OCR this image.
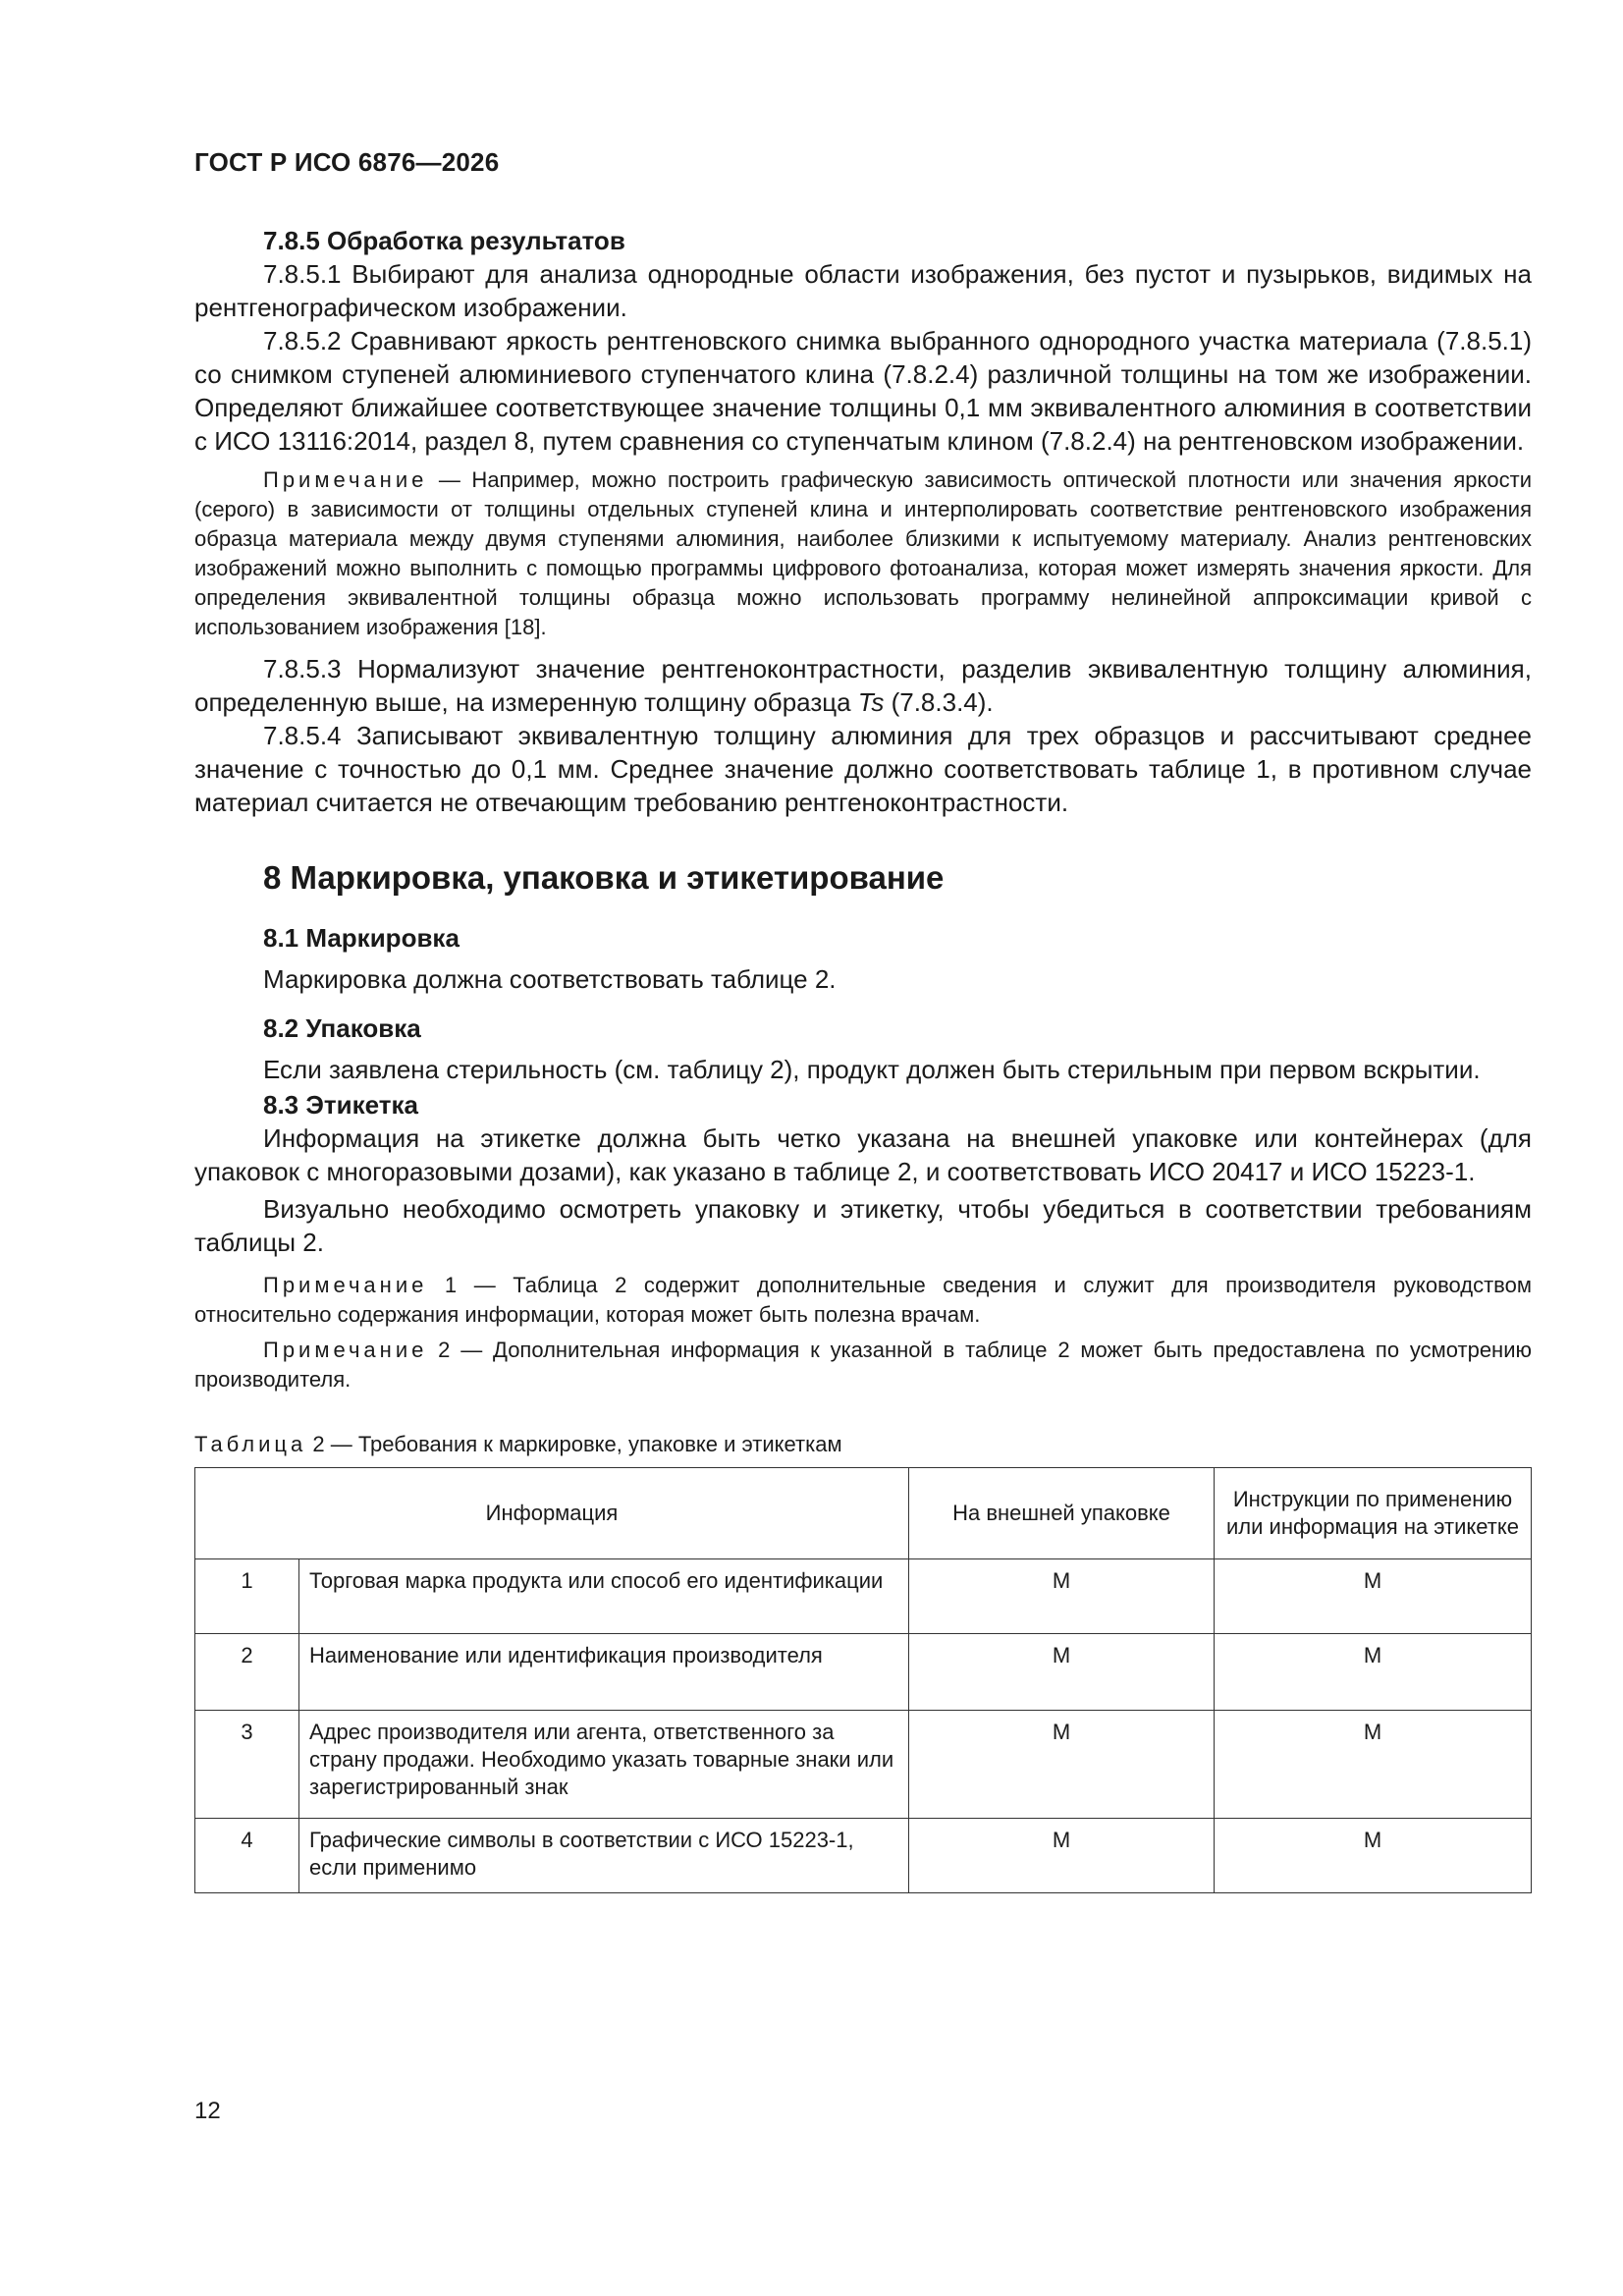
ГОСТ Р ИСО 6876—2026

7.8.5 Обработка результатов

7.8.5.1 Выбирают для анализа однородные области изображения, без пустот и пузырьков, видимых на рентгенографическом изображении.

7.8.5.2 Сравнивают яркость рентгеновского снимка выбранного однородного участка материала (7.8.5.1) со снимком ступеней алюминиевого ступенчатого клина (7.8.2.4) различной толщины на том же изображении. Определяют ближайшее соответствующее значение толщины 0,1 мм эквивалентного алюминия в соответствии с ИСО 13116:2014, раздел 8, путем сравнения со ступенчатым клином (7.8.2.4) на рентгеновском изображении.

Примечание — Например, можно построить графическую зависимость оптической плотности или значения яркости (серого) в зависимости от толщины отдельных ступеней клина и интерполировать соответствие рентгеновского изображения образца материала между двумя ступенями алюминия, наиболее близкими к испытуемому материалу. Анализ рентгеновских изображений можно выполнить с помощью программы цифрового фотоанализа, которая может измерять значения яркости. Для определения эквивалентной толщины образца можно использовать программу нелинейной аппроксимации кривой с использованием изображения [18].

7.8.5.3 Нормализуют значение рентгеноконтрастности, разделив эквивалентную толщину алюминия, определенную выше, на измеренную толщину образца Ts (7.8.3.4).

7.8.5.4 Записывают эквивалентную толщину алюминия для трех образцов и рассчитывают среднее значение с точностью до 0,1 мм. Среднее значение должно соответствовать таблице 1, в противном случае материал считается не отвечающим требованию рентгеноконтрастности.

8 Маркировка, упаковка и этикетирование

8.1 Маркировка

Маркировка должна соответствовать таблице 2.

8.2 Упаковка

Если заявлена стерильность (см. таблицу 2), продукт должен быть стерильным при первом вскрытии.

8.3 Этикетка

Информация на этикетке должна быть четко указана на внешней упаковке или контейнерах (для упаковок с многоразовыми дозами), как указано в таблице 2, и соответствовать ИСО 20417 и ИСО 15223-1.

Визуально необходимо осмотреть упаковку и этикетку, чтобы убедиться в соответствии требованиям таблицы 2.

Примечание 1 — Таблица 2 содержит дополнительные сведения и служит для производителя руководством относительно содержания информации, которая может быть полезна врачам.

Примечание 2 — Дополнительная информация к указанной в таблице 2 может быть предоставлена по усмотрению производителя.

Таблица 2 — Требования к маркировке, упаковке и этикеткам

Информация		На внешней упаковке	Инструкции по применению или информация на этикетке
1	Торговая марка продукта или способ его идентификации	М	М
2	Наименование или идентификация производителя	М	М
3	Адрес производителя или агента, ответственного за страну продажи. Необходимо указать товарные знаки или зарегистрированный знак	М	М
4	Графические символы в соответствии с ИСО 15223-1, если применимо	М	М
12
